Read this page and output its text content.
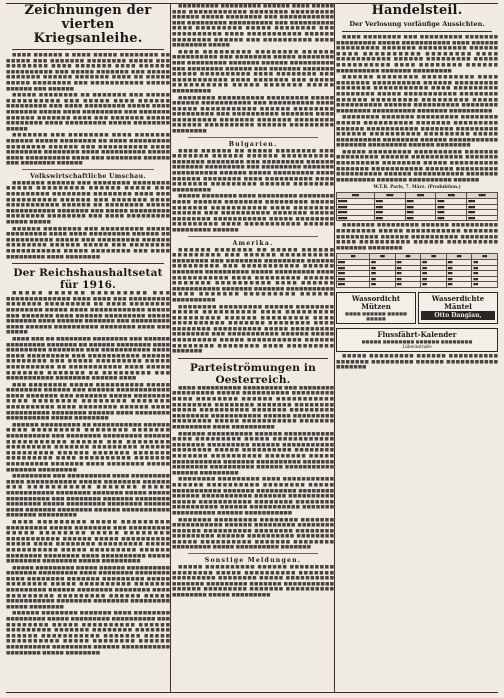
Zeichnungen der vierten Kriegsanleihe.

■■■■ ■■■■■■ ■ ■■■■ ■■■■■ ■■■■■■■■ ■■ ■■■■■ ■■■ ■■■■■■■ ■■■■■■■■ ■■■■■ ■■■ ■■■■■■■■ ■■■■ ■■■■■■■ ■■■■ ■■■■■■ ■■■■■■■■■■ ■■■ ■■■■■ ■■■■■■■ ■■■ ■■■■■ ■■■■■■■ ■■■■■■ ■■■■■■■ ■■■■ ■■ ■■■■■ ■■■■■ ■■■■■■■■ ■■■ ■■■■■■■■■■■ ■■■■■ ■■■■■■ ■■■ ■■■■■■

■■■■■ ■■■■■■■■ ■■ ■■■■■■■ ■■■ ■■■■■ ■■■■■■■■■■ ■■■ ■■■■■ ■■■■ ■■■■■■ ■■■■■■■■■ ■■■ ■■■■ ■■■■■■■■■ ■■■■■ ■■■■ ■■■■■■■ ■■■■■ ■■■■ ■■■■■■■■■ ■■■ ■■■■■■■ ■■■■■■ ■■■■■■■ ■■■■ ■■■ ■■■■■■■ ■■■■■ ■■■■■■■■ ■■■■ ■■■■■■■■■ ■■■■■ ■■■■■■■■ ■■■■■

■■■■■■■ ■■■ ■■■■■■■■ ■■■■ ■■■■■■■ ■■■■■■ ■■■■■ ■■■■■■■■ ■■ ■■■■ ■■■■■■■■■ ■■■■■■■■ ■■■■■■ ■■■ ■■■■■■■■■■ ■■■■ ■■■■■■■■ ■■■■■■■■ ■■■■ ■■■■■■■■■■ ■■■■■ ■■■■ ■■■■■■■■■■ ■■■■ ■■■ ■■■■■■■■ ■■■■■■ ■■■ ■■■■■■■■ ■■■■■■

Volkswirtschaftliche Umschau.

■■■■■■■ ■■■■■■ ■■■ ■■■■■■■■ ■■■■■■■■ ■■■■■ ■■■■■■■■■ ■■■■■■ ■■■■■ ■■■ ■■■■■■■■■ ■■■■■■■■ ■■■■■■■■ ■■■■ ■■■ ■■■■■■■■■■ ■■■■■■ ■■■ ■■■■■■■ ■■■■ ■■■■■■■■■■■ ■■■■■■ ■■ ■■■■■■■■ ■■■■■ ■■■■■■■■■■■ ■■■■■■■ ■■■ ■■■■■ ■■■■■■■■■ ■■■■■■■■ ■■■■■■■■ ■■■ ■■■■ ■■■■■■■■■ ■■■■■ ■■■■■

■■■■■■ ■■■■■■■■ ■■■ ■■■■■■■■■ ■■■■■ ■■■■■■■■■ ■■■■ ■■■■ ■■■■■■■■■ ■■■■■■ ■■ ■■■■■■■■■■ ■■■■■ ■■■ ■■■■■■■■■ ■■■■■■ ■■■■■■■■ ■■■■■■ ■■■■■ ■■■ ■■■■■■■■ ■■■■■■■■■■■ ■■■■■ ■■■■■■■■ ■■■ ■■■■ ■■■■■■■■■ ■■■■ ■■■■■■■■

Der Reichshaushaltsetat für 1916.

■■■■■ ■■■■■■ ■■■■■■■■■ ■■■ ■■■■■■■■■■■■■■ ■■■■ ■■■■ ■■■ ■■■■■■■■■ ■■■■■■■ ■■■■■■■■■ ■■ ■■■■ ■■■■■■■■ ■■■■■■■■ ■■■■■ ■■■■ ■■■■■■■■■■■■ ■■■■■ ■■■ ■■■■■■■ ■■■■ ■■■■■■ ■■■■■■■■■ ■■■■■ ■■■■■■■ ■■■■ ■■■■■■ ■■■■■■■ ■■■ ■■■■■■■■■ ■■■■ ■■■■■■ ■■■■■■■■■■ ■■■■■■■■ ■■■■ ■■■ ■■■■■

■■■■ ■■■ ■■ ■■■■■■■■ ■■■■■■■■ ■■■ ■■■■■■ ■■■■■■■■■ ■■■■■■■ ■■ ■■■■■■ ■■■■■■■■ ■■■■ ■■■■■■■■■ ■■■■■■■■ ■■■ ■■■■■■■■■■■ ■■■■ ■■■■ ■■■■■■■■■ ■■■ ■■■■■■■■■■■ ■■■■■■ ■■■■■■■■ ■■■ ■■■■■ ■■■■■■■■■ ■■■■■ ■■■■■■■■■■ ■■ ■■■■■■■■■■■ ■■■■ ■■■■■ ■■■■■■■ ■■■■■■■ ■■ ■■■■■■■■■ ■■■ ■■■■■■■■■■■ ■■■■■■■■ ■■■■■■ ■■■■

■■■ ■■■■■■■■ ■■■■■ ■■■■■■■■■■ ■■■■■ ■■■■■■■■ ■■■■■■ ■■■ ■■■■■■ ■■■■■■■■■■■■ ■■■■ ■■■■■■■ ■■■ ■■■■■■■ ■■■■■ ■■■■■■■■ ■■■■ ■■■■■■■■ ■■■■■■■■ ■■■■■■■ ■■■■■■■■■■ ■■■■ ■■■■■■■■ ■■■■■■ ■■■■ ■■■■■■■■■■ ■■■■■■■■ ■■■■■■ ■■■■ ■■■■■■■■ ■■■■■■■■■■ ■■■■■ ■■■■■■■■

■■■■■■ ■■■■■■■■■ ■■ ■■■■■■■■■■■ ■■■■■■ ■■■■ ■■■■■■■■■ ■■■■■■■■ ■■■■■■■ ■■■■■■■■■■ ■■■ ■■■■■■■■ ■■■■■■■■■ ■■■■■■ ■■■■■■■■■■■ ■■■■■■ ■■■ ■■■■■■■■ ■■■■■■■■■ ■■■■■■■ ■■■■■■■■■ ■■■■■■ ■■■■■■■■■ ■■■■■■ ■■■■■■■ ■■■■■■■ ■■■■■■■■■ ■■■■ ■■■■■■■■■■ ■■■■■■■ ■■■■■■■■■ ■■■■■■■ ■■■■ ■■■■■■■■ ■■■■■ ■■■■■■■ ■■■■■■■■■

■■■■■■■■■ ■■■ ■■■■■■■■■■ ■■■■ ■■■■■■■■■ ■■■■ ■■■■■■■■■■■ ■■■■■ ■■■■■■■■ ■■■■■■ ■■■ ■■■■■■■■■■■ ■■■■■■■ ■■■■■ ■■■■■■■■■■■ ■■■■■■■■ ■■■■■■■ ■■■■■ ■■■■■ ■■■■■■■■■■ ■■■ ■■■■■■■■ ■■■■■■■ ■■■■■■■■ ■■■■■■■■ ■■■■■ ■■■■■■■■■ ■■■■■■■■ ■■■■■■ ■■■■ ■■■■■■■ ■■■■■■■■ ■■■■■■ ■■■■■■■■■■■ ■■■■■■■ ■■■■■■■■■

■■■■ ■■■■■■■■■ ■■■■■ ■■■■■■■■■ ■■■■■■■■■ ■■■■■ ■■■■■■■■ ■■■ ■■■■■■■■■ ■■■■■ ■■■■■■■■ ■■■■■ ■■■■■■■■ ■■■■■■■■■■■ ■■■■■■ ■■■■■ ■■■■■■■■■■ ■■■■■ ■■■■ ■■■■■■■■ ■■■■■■■■■ ■■■■■ ■■■■■■■■■■ ■■■■■ ■■■■■■■■■ ■■■■■■ ■■■■■■■■ ■■■■■■■■ ■■■■ ■■■■■■■■■■ ■■■■■ ■■■■■■■■ ■■■■■■■■ ■■■■■ ■■■■■■■■■

■■■■■ ■■■■■■■■■ ■■■■■ ■■■■■■ ■■■■■■■■■■ ■■■■■■■ ■■■■■■■■■ ■■■■ ■■■■■■■■ ■■■■■■■■ ■■■■ ■■■■■■■■ ■■■■■■■ ■■■■■■■■■ ■■■■■ ■■■■■■■■ ■■■■■ ■■■■■■■■■■ ■■■■■■■ ■■■■■■■■■ ■■■■■■ ■■■■■■■■ ■■■■■■■■ ■■■■ ■■■■■■■■■ ■■■■■■■■■ ■■■■■■ ■■■■■ ■■■■■■■■■■■ ■■■■■■■■ ■■■■■■■■ ■■■■■■■■■ ■■■■■ ■■■■■■■■

■■■■■■ ■■■■■■■■ ■■■■■■■ ■■■■ ■■■■■■■■ ■■■■■■■■■ ■■■■■ ■■■■■■■■■ ■■■■■■■■■■ ■■■ ■■■■■■■■ ■■■■■ ■■■■■■■■■■ ■■■■■■ ■■■■■■■■■ ■■■■■■■ ■■■■■■■■ ■■■■■■■ ■■■■■■ ■■■■■■■■■■■ ■■■■■■■ ■■■■■ ■■■■■■■■■■ ■■■■■ ■■■■■■■■ ■■■■■■ ■■■■■■■■■■ ■■■■■■■■■ ■■■■■■ ■■■■■■■■■■■ ■■■■■■■■ ■■■■■ ■■■■■■■■

■■■■■■■■■ ■■■■■■■■■ ■■■■■■ ■■■■ ■■■■■ ■■■ ■■■■■■■■■■■■ ■■■■■■■■ ■■■■■■■■■ ■■■■■■ ■■■■■ ■■■■■■■■ ■■■ ■■■■■■■■■■■■ ■■■ ■■■■■■■■■ ■■■■■■■■■■ ■■■ ■■■■■■■■■■ ■■■■ ■■■■■■■■■ ■■■■■ ■■■■■■■■ ■■■ ■■■■■■■■■■ ■■■■ ■■■■■■■■■■■ ■■■■■■ ■■■■■■■■ ■■■■■■ ■■■ ■■■■■■■■■■ ■■■■ ■■■■■■■■ ■■■■■

■■■■ ■■■■■■■■■ ■■■■■■■■ ■■■■■■ ■■■■■■■■■■ ■■■ ■■■■■■■■ ■■■■■ ■■■■■■■■ ■■■ ■■■■■■■■■ ■■■■■■■ ■■■■■■ ■■■■■■■■■■ ■■■ ■■■■■■■■ ■■■■■■ ■■■ ■■■■■■■ ■■■■■■■ ■■■■■ ■■■■■■■■■■ ■■■■ ■■■■■■■■ ■■■ ■■■■■■■■■■■ ■■■■ ■■■■■■■ ■■■ ■■■■■ ■■■■■■■■■■ ■■■■■ ■■■■■■■ ■■■■■ ■■■■■■■■■

■■■■■■■■ ■■■■■■■■■■ ■■■■■■■■■ ■■■■■ ■■■■■■ ■■■■■■■■■■■ ■■■ ■■■■■■■■■■ ■■■■ ■■■■■ ■■■■■■■■■■■ ■■■■■■ ■■■■■■■■ ■■■■■■■■■ ■■■ ■■■■■■■■■■ ■■■■■■■ ■■■■ ■■■■■■■■■ ■■■■■■■ ■■■■■■■ ■■■■■■■■ ■■■■■■ ■■■■■■■■■■ ■■■■■■ ■■■■■■■■■ ■■■■■■■■

Bulgarien.

■■■■ ■■■■■■ ■■ ■■■■■ ■■■■■■■■ ■■■ ■■■■■■■ ■■■■■■ ■■■■■■ ■■■■■■■■■■ ■■■■■■■ ■■■■■■■■ ■■■ ■■■■■■■■■ ■■■■■■ ■■■■■■■ ■■■■■■■■■ ■■■ ■■■■■■■■■ ■■■■■■■ ■■■■■■■■■■ ■■■■■■ ■■■■■ ■■■■■■■■■ ■■■■ ■■■■■■ ■■■■■■■■ ■■■■ ■■■■■■■■■■ ■■■■ ■■■■■■■ ■■■■■■■■■ ■■■■■■ ■■■■■■■■ ■■■■■■■■■

■■■■■ ■■■■■■■■ ■■■■ ■■■■■■■■■ ■■■■■■■■ ■■■■ ■■■■■■ ■■■■■■■■ ■■■■■■■■■ ■■■■■ ■■■■■■■ ■■■■■■■■■■■ ■■■■ ■■■■■■■■ ■■■■■■ ■■■ ■■■■■■■■■■ ■■■■■■■ ■■■■■ ■■■■■■■■ ■■■■■■■■■■■ ■■■■■ ■■■■■■■■ ■■■■■■■■■ ■■■■ ■■■■■■■■■■■ ■■■■■■ ■■■■■■■■■ ■■■■■■

Amerika.

■■■■■■ ■■■■■■■ ■■ ■■■■■ ■■■■■■ ■■■■■■■■■ ■■■ ■■■■■■ ■■■■■■■■■■ ■■■■■■■■ ■■■ ■■■■■■■■ ■■■■■■■■■ ■■■■■■ ■■■■■■■■■ ■■■ ■■■■■■■■■■■ ■■■■■■ ■■■■■■■ ■■■■■■■■■■ ■■■■■ ■■■■■■■■■ ■■■■ ■■■■■■■■■■■ ■■■■ ■■■■■■■■■ ■■■■■■ ■■■■■■■ ■■■■■■■■■■ ■■■■ ■■■■■■ ■■■■■■■■■■■ ■■■■■■■ ■■■■■■■ ■■■■■■■■■■■ ■■■■ ■■■■■■■ ■■■■■■■■■ ■■■■■■ ■■■■■■■■■■

■■■■■■■■ ■■■■■■■■■ ■■■■■■ ■■■■■■■■ ■■■■■ ■■■■■■■■■■ ■■■■ ■■■■■■■■■ ■■■■■■■■■ ■■■■■■ ■■■■■■■■■ ■■■■ ■■■■■■■■■■ ■■■■■■■ ■■■■■■■■ ■■■■ ■■■■■■■■ ■■■■■■■■■■ ■■■■■ ■■■■■■■■■ ■■■■■■■■ ■■■ ■■■■■■■■■■■ ■■■■■■ ■■■■■ ■■■■■■■■■ ■■■■■ ■■■■■■■■■■■ ■■■■■■ ■■■■■■■■ ■■■■■■■■ ■■■■ ■■■■■■■■■ ■■■■■■■

Parteiströmungen in Oesterreich.

■■■■ ■■■■■■■■■■ ■■■■■■■■■ ■■■ ■■■■■■■■ ■■■■■■■■■ ■■■■■ ■■■■■■■■■■ ■■■■■■■■■ ■■■■ ■■■■■■■■ ■■■■■■ ■■■■■■■■■■■ ■■■■■■■■ ■■■■■■■■ ■■■■■■■ ■■■■■■■■ ■■■■■ ■■■■■■■■■■ ■■■■■■■ ■■■■■■■■■ ■■■■■■■■ ■■■■■■■■■■■ ■■■■■■ ■■■■■■■■■ ■■■■■■■■ ■■■■■ ■■■■■■■■■■■ ■■■■■■■ ■■■■■■■■■ ■■■■ ■■■■■■■■■■

■■■■■■ ■■■■■■■■■■ ■■■■■■ ■■■■■■■■■■■ ■■■■ ■■■■■■■■■ ■■■■■ ■■■■■■■■■■■■ ■■■■■■■ ■■■■■■■■■ ■■■■■■ ■■■■■■■■■■■ ■■■■■■■■ ■■■■■ ■■■■■■■■■■ ■■■■■■■■ ■■■■■■■ ■■■■■■■■■■ ■■■■■■■■ ■■■■■ ■■■■■■■■■■■ ■■■■■■■ ■■■■■■■■■■ ■■■■■■■ ■■■■■■■■ ■■■■■■■■■■ ■■■■■■ ■■■■■■■■■■■ ■■■■■■ ■■■■■■■■■

■■■■■■■■ ■■■■■■■■■ ■■■■ ■■■■■■■■■■■ ■■■■■■ ■■■■■■■■■■ ■■■■■■■■ ■■■■■ ■■■■■■■■■■■ ■■■■■■■ ■■■■■■■■■ ■■■■■■■■ ■■■■■■ ■■■■■■■■■■■ ■■■■■■■ ■■■■■■■■■■ ■■■■■ ■■■■■■■■■■■ ■■■■■■■■ ■■■■■■■■ ■■■■■■■■■■ ■■■■■■ ■■■■■■■■■■■ ■■■■■■■ ■■■■■■■■■■ ■■■■■■ ■■■■■■■■■■■

■■■■■■■ ■■■■■■■■■ ■■■■■■■■ ■■■■■■■ ■■■■■■■■■■■ ■■■■■■ ■■■■■■■■■ ■■■■■■■■ ■■■■■■ ■■■■■■■■■■ ■■■■■■■■ ■■■■■■■■ ■■■■■■■■■ ■■■■■■ ■■■■■■■■■■ ■■■■■■■■ ■■■■■ ■■■■■■■■■■ ■■■■■■■ ■■■■■■■■ ■■■■■■■■■ ■■■■■ ■■■■■■■■■■ ■■■■■■■

Sonstige Meldungen.

■■■■■ ■■■■■■■■■■ ■■■■■■ ■■■■■■■■■ ■■■■■■■■ ■■■■■ ■■■■■■■■■■ ■■■■■■■ ■■■■■■■■■ ■■■■■■■■ ■■■■■ ■■■■■■■■■■ ■■■■■■■ ■■■■■■■■■ ■■■■■■■ ■■■■■■■■■■■ ■■■■■■ ■■■■■■■■■ ■■■■■■■ ■■■■■■■■■■ ■■■■■■■■ ■■■■■ ■■■■■■■■■

Handelsteil.
Der Verlosung vorläufige Aussichten.

■■■■ ■■■■■■■■ ■■■ ■■■■■■■■■ ■■■■■■■ ■■■■■■■■■ ■■■■■ ■■■■■■■■■■■ ■■■■ ■■■■■■ ■■■■■■■■■ ■■■■■■■ ■■■■■■■■■■ ■■■■■■ ■■■■ ■■■■■■■■■■ ■■■■■■■■ ■■■■ ■■■■■■■■■■■ ■■■■■■ ■■■■■■■■■ ■■■■■ ■■■■■■■■■■ ■■■■ ■■■■■■■■ ■■■■■■ ■■■■■■■■■■ ■■■■■■■ ■■■■■■■■■

■■■■■■ ■■■■■■■■ ■■■■■■■■■■ ■■■■ ■■■■■■■ ■■■■■■■■■■ ■■■■■■ ■■■■■■■■■ ■■■■■■■ ■■■■■■■■■■■ ■■■■ ■■■■■■■■■ ■■■■■■■■ ■■■■■ ■■■■■■■■■■■ ■■■■■■■■ ■■■■■■ ■■■■■■■■■ ■■■■■■■■■ ■■■■■ ■■■■■■■■■■ ■■■■■■ ■■■■■■■■■■ ■■■■■■■■ ■■■■■■■■ ■■■■■■■■■■ ■■■■■■■ ■■■■■■■■■■

■■■■■■■■ ■■■■■■■ ■■■■■■■■■ ■■■■■■■■ ■■■■■ ■■■■■■■■■■ ■■■■■■■ ■■■■■■■■■ ■■■■■■ ■■■■■■■■■■■ ■■■■■■■ ■■■■■■■■■ ■■■■■■ ■■■■■■■■■■ ■■■■■■■■■ ■■■■■ ■■■■■■■■■■ ■■■■■■■■ ■■■■■■ ■■■■■■■■■■■ ■■■■■■■ ■■■■■■■■■ ■■■■■■ ■■■■■■■■

■■■■■ ■■■■■■■■■ ■■■■■■■■■■ ■■■■■■■ ■■■■■■■■■ ■■■■■■ ■■■■■■■■■■■ ■■■■■■■ ■■■■■■■■■ ■■■■■■■■ ■■■■■ ■■■■■■■■■■ ■■■■■■■ ■■■■■■■■■■■ ■■■■■■ ■■■■■■■■■ ■■■■■■■■■■ ■■■■■■ ■■■■■■■■■■■ ■■■■■■■ ■■■■■■■■■ ■■■■■■■ ■■■■■■■■■■ ■■■■■■

W.T.B. Paris, 7. März. (Produktion.)
■■■	■■■	■■■	■■■	■■■
■■■■	■■■	■■■	■■■	■■■
■■■■	■■■	■■■	■■■	■■■
■■■■	■■■	■■■	■■■	■■■
■■■■	■■■	■■■	■■■	■■■

■■■■■■■ ■■■■■■■■■ ■■■■■■ ■■■■■■■■■■ ■■■■■■■■ ■■■■■ ■■■■■■■■■■■ ■■■■■■■ ■■■■■■■■■ ■■■■■■ ■■■■■■■■■■ ■■■■■■■■ ■■■■ ■■■■■■■■■■ ■■■■■■ ■■■■■■■■■■ ■■■■■■■ ■■■■■■■■

■■	■■	■■	■■	■■	■■
■■■	■■	■■	■■	■■	■■
■■■	■■	■■	■■	■■	■■
■■■	■■	■■	■■	■■	■■
■■■	■■	■■	■■	■■	■■
■■■	■■	■■	■■	■■	■■
Wassordicht Mützen
■■■■ ■■■■■■ ■■■■■ ■■■■■
Wasserdichte Mäntel
Otto Dangiau,
Flussfährt-Kalender
■■■■■ ■■■■■■■■ ■■■■■■ ■■■■■■■■
Lübeckstraße

■■■■■ ■■■■■■■■■ ■■■■■■ ■■■■■■■■■■ ■■■■■■■ ■■■■■■■■■ ■■■■■■ ■■■■■■■■■■■ ■■■■■■■
